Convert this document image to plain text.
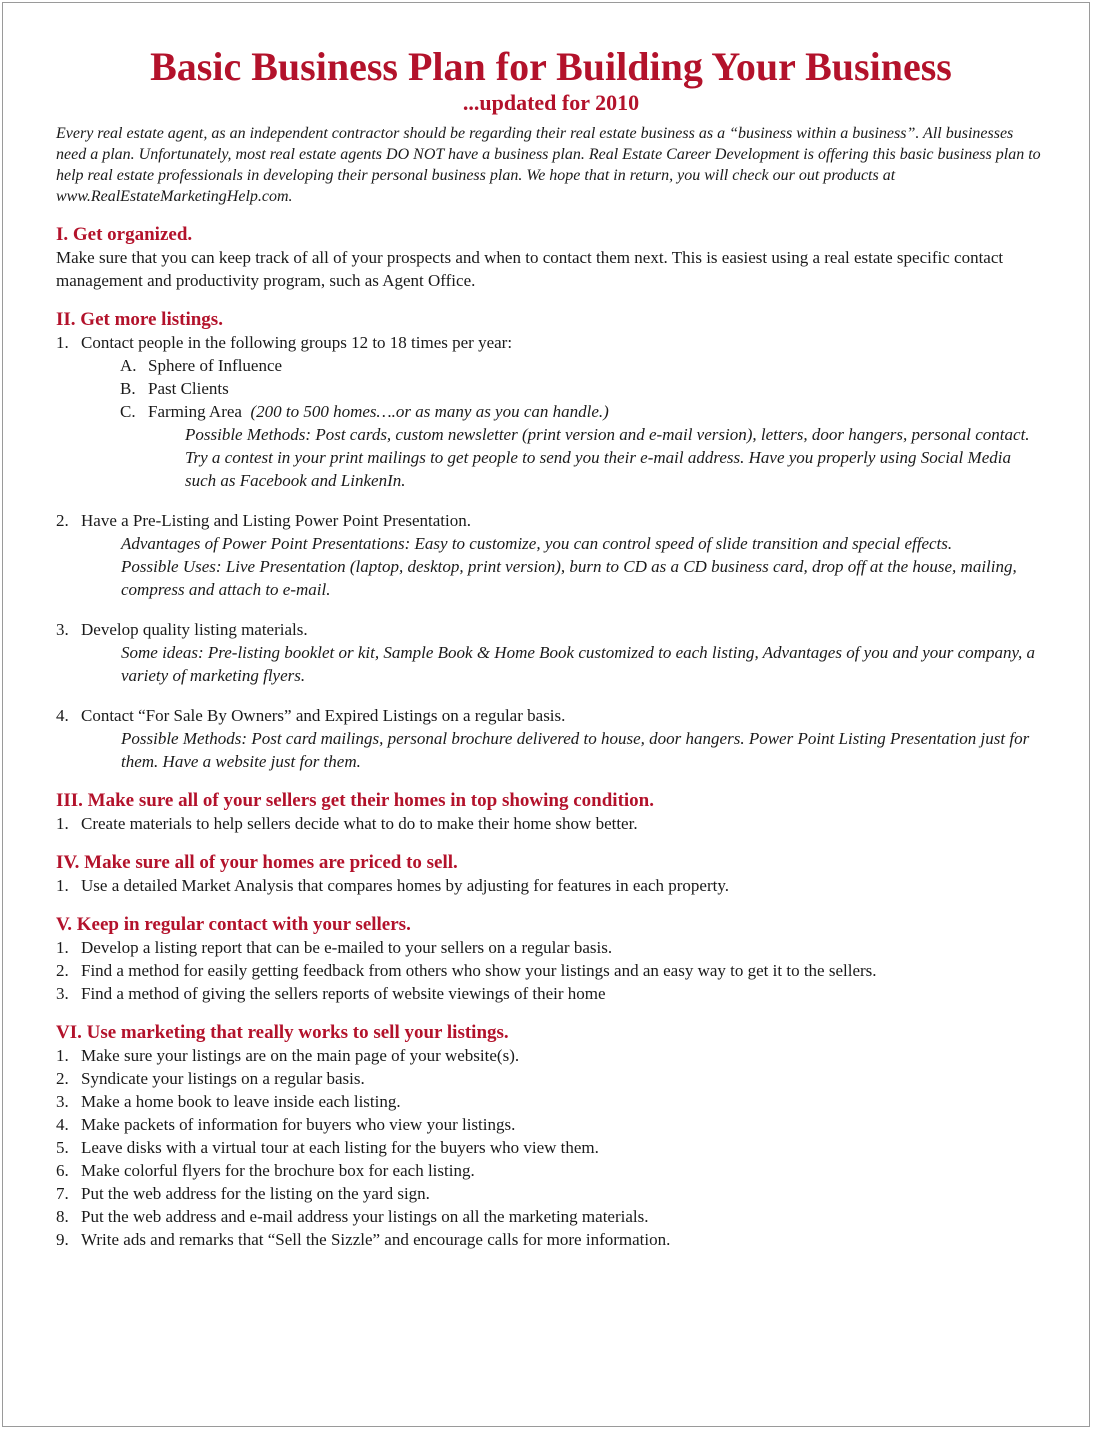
Basic Business Plan for Building Your Business

...updated for 2010

Every real estate agent, as an independent contractor should be regarding their real estate business as a “business within a business”. All businesses need a plan. Unfortunately, most real estate agents DO NOT have a business plan. Real Estate Career Development is offering this basic business plan to help real estate professionals in developing their personal business plan. We hope that in return, you will check our out products at www.RealEstateMarketingHelp.com.

I. Get organized.

Make sure that you can keep track of all of your prospects and when to contact them next. This is easiest using a real estate specific contact management and productivity program, such as Agent Office.

II. Get more listings.

1. Contact people in the following groups 12 to 18 times per year:

A. Sphere of Influence

B. Past Clients

C. Farming Area (200 to 500 homes….or as many as you can handle.)

Possible Methods: Post cards, custom newsletter (print version and e-mail version), letters, door hangers, personal contact. Try a contest in your print mailings to get people to send you their e-mail address. Have you properly using Social Media such as Facebook and LinkenIn.

2. Have a Pre-Listing and Listing Power Point Presentation.

Advantages of Power Point Presentations: Easy to customize, you can control speed of slide transition and special effects.

Possible Uses: Live Presentation (laptop, desktop, print version), burn to CD as a CD business card, drop off at the house, mailing, compress and attach to e-mail.

3. Develop quality listing materials.

Some ideas: Pre-listing booklet or kit, Sample Book & Home Book customized to each listing, Advantages of you and your company, a variety of marketing flyers.

4. Contact “For Sale By Owners” and Expired Listings on a regular basis.

Possible Methods: Post card mailings, personal brochure delivered to house, door hangers. Power Point Listing Presentation just for them. Have a website just for them.

III. Make sure all of your sellers get their homes in top showing condition.

1. Create materials to help sellers decide what to do to make their home show better.

IV. Make sure all of your homes are priced to sell.

1. Use a detailed Market Analysis that compares homes by adjusting for features in each property.

V. Keep in regular contact with your sellers.

1. Develop a listing report that can be e-mailed to your sellers on a regular basis.

2. Find a method for easily getting feedback from others who show your listings and an easy way to get it to the sellers.

3. Find a method of giving the sellers reports of website viewings of their home

VI. Use marketing that really works to sell your listings.

1. Make sure your listings are on the main page of your website(s).

2. Syndicate your listings on a regular basis.

3. Make a home book to leave inside each listing.

4. Make packets of information for buyers who view your listings.

5. Leave disks with a virtual tour at each listing for the buyers who view them.

6. Make colorful flyers for the brochure box for each listing.

7. Put the web address for the listing on the yard sign.

8. Put the web address and e-mail address your listings on all the marketing materials.

9. Write ads and remarks that “Sell the Sizzle” and encourage calls for more information.
